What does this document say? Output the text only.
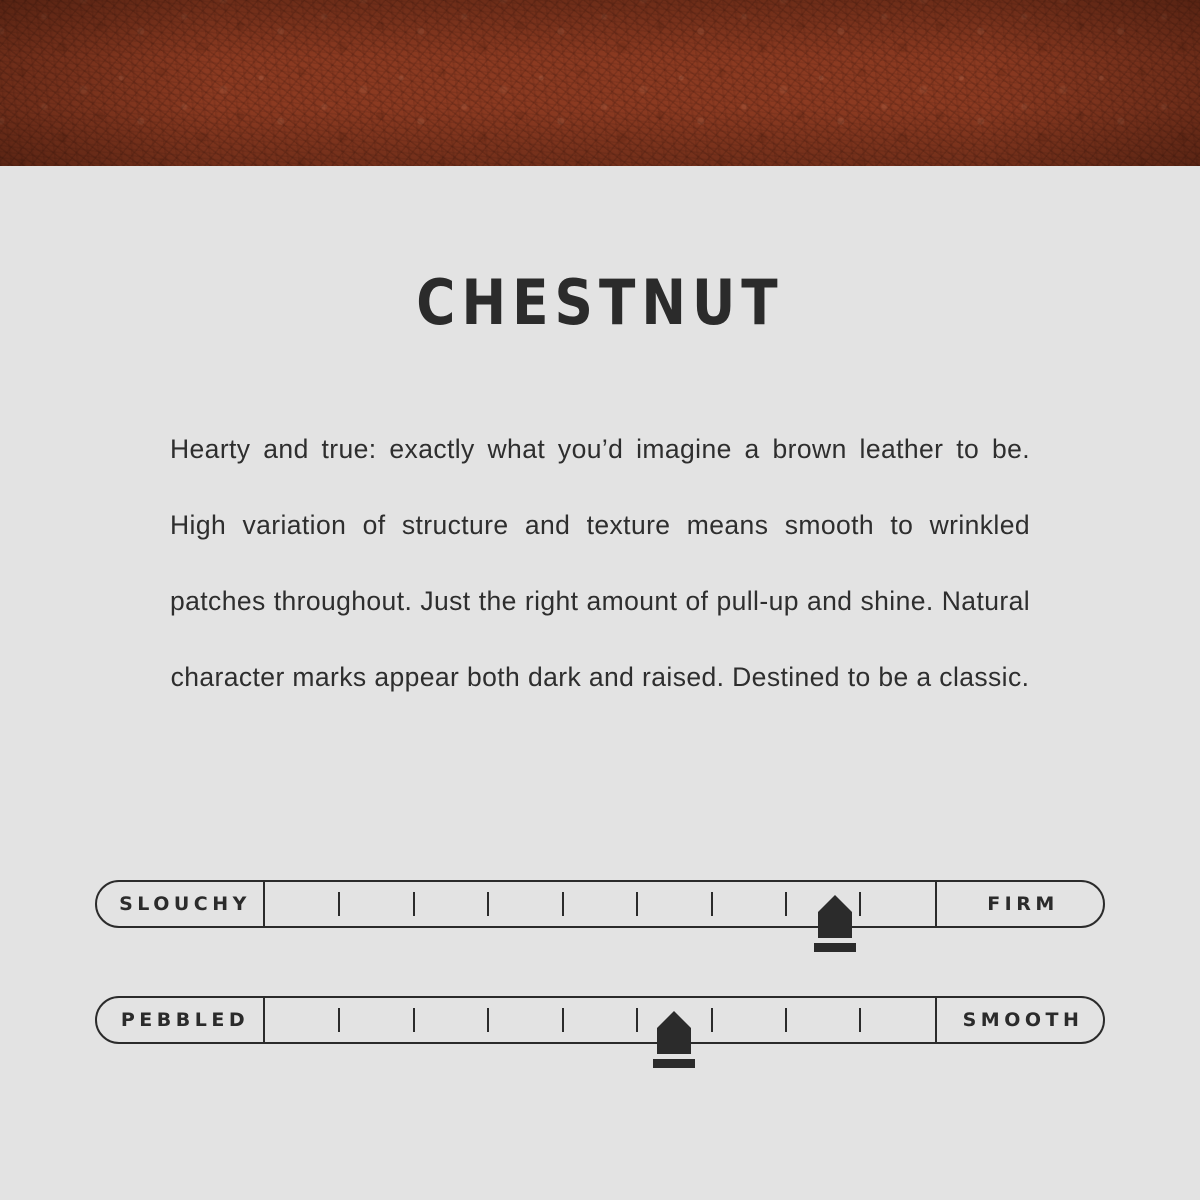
CHESTNUT

Hearty and true: exactly what you’d imagine a brown leather to be. High variation of structure and texture means smooth to wrinkled patches throughout. Just the right amount of pull-up and shine. Natural character marks appear both dark and raised. Destined to be a classic.

SLOUCHY	FIRM
PEBBLED	SMOOTH
